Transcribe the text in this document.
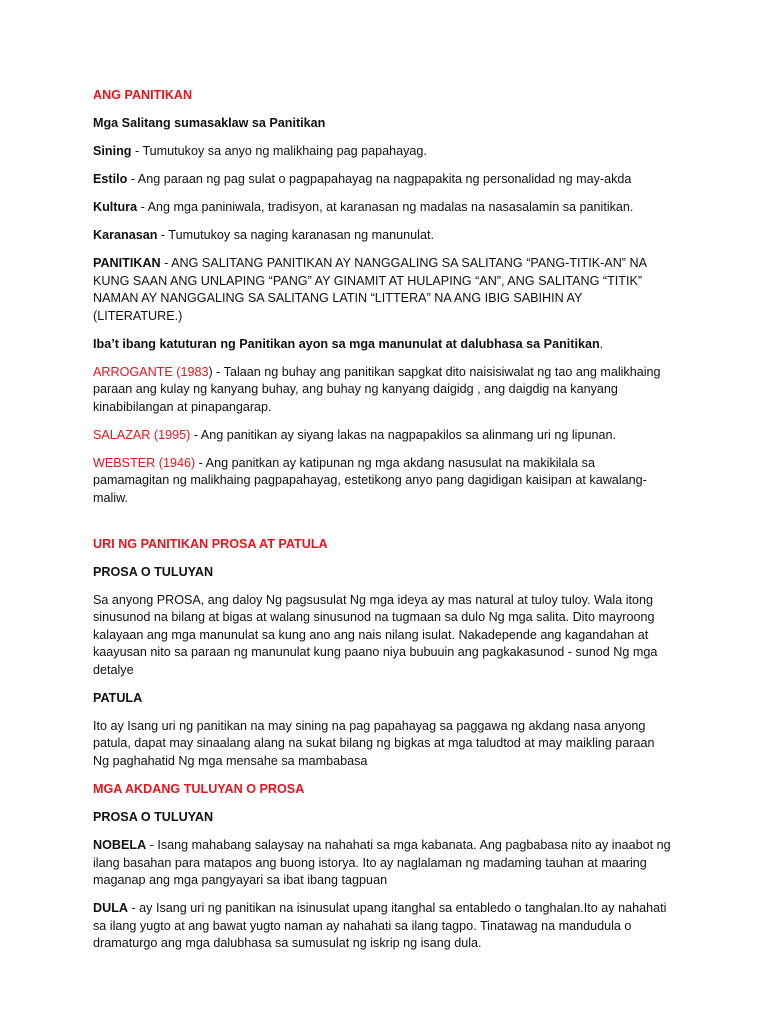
ANG PANITIKAN

Mga Salitang sumasaklaw sa Panitikan

Sining - Tumutukoy sa anyo ng malikhaing pag papahayag.

Estilo - Ang paraan ng pag sulat o pagpapahayag na nagpapakita ng personalidad ng may-akda

Kultura - Ang mga paniniwala, tradisyon, at karanasan ng madalas na nasasalamin sa panitikan.

Karanasan - Tumutukoy sa naging karanasan ng manunulat.

PANITIKAN - ANG SALITANG PANITIKAN AY NANGGALING SA SALITANG “PANG-TITIK-AN” NA KUNG SAAN ANG UNLAPING “PANG” AY GINAMIT AT HULAPING “AN”, ANG SALITANG “TITIK” NAMAN AY NANGGALING SA SALITANG LATIN “LITTERA” NA ANG IBIG SABIHIN AY (LITERATURE.)

Iba’t ibang katuturan ng Panitikan ayon sa mga manunulat at dalubhasa sa Panitikan.

ARROGANTE (1983) - Talaan ng buhay ang panitikan sapgkat dito naisisiwalat ng tao ang malikhaing paraan ang kulay ng kanyang buhay, ang buhay ng kanyang daigidg , ang daigdig na kanyang kinabibilangan at pinapangarap.

SALAZAR (1995) - Ang panitikan ay siyang lakas na nagpapakilos sa alinmang uri ng lipunan.

WEBSTER (1946) - Ang panitkan ay katipunan ng mga akdang nasusulat na makikilala sa pamamagitan ng malikhaing pagpapahayag, estetikong anyo pang dagidigan kaisipan at kawalang-maliw.

URI NG PANITIKAN PROSA AT PATULA

PROSA O TULUYAN

Sa anyong PROSA, ang daloy Ng pagsusulat Ng mga ideya ay mas natural at tuloy tuloy. Wala itong sinusunod na bilang at bigas at walang sinusunod na tugmaan sa dulo Ng mga salita. Dito mayroong kalayaan ang mga manunulat sa kung ano ang nais nilang isulat. Nakadepende ang kagandahan at kaayusan nito sa paraan ng manunulat kung paano niya bubuuin ang pagkakasunod - sunod Ng mga detalye

PATULA

Ito ay Isang uri ng panitikan na may sining na pag papahayag sa paggawa ng akdang nasa anyong patula, dapat may sinaalang alang na sukat bilang ng bigkas at mga taludtod at may maikling paraan Ng paghahatid Ng mga mensahe sa mambabasa

MGA AKDANG TULUYAN O PROSA

PROSA O TULUYAN

NOBELA - Isang mahabang salaysay na nahahati sa mga kabanata. Ang pagbabasa nito ay inaabot ng ilang basahan para matapos ang buong istorya. Ito ay naglalaman ng madaming tauhan at maaring maganap ang mga pangyayari sa ibat ibang tagpuan

DULA - ay Isang uri ng panitikan na isinusulat upang itanghal sa entabledo o tanghalan.Ito ay nahahati sa ilang yugto at ang bawat yugto naman ay nahahati sa ilang tagpo. Tinatawag na mandudula o dramaturgo ang mga dalubhasa sa sumusulat ng iskrip ng isang dula.
